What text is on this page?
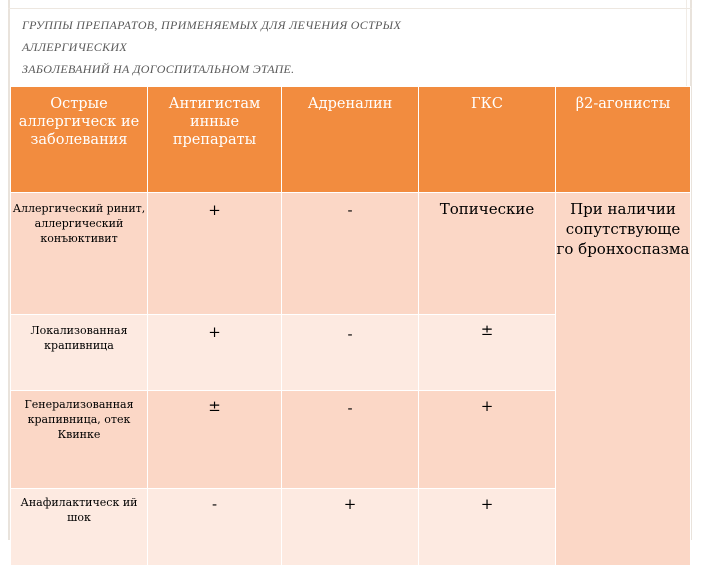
ГРУППЫ ПРЕПАРАТОВ, ПРИМЕНЯЕМЫХ ДЛЯ ЛЕЧЕНИЯ ОСТРЫХ
АЛЛЕРГИЧЕСКИХ
ЗАБОЛЕВАНИЙ НА ДОГОСПИТАЛЬНОМ ЭТАПЕ.
Острые аллергическ ие заболевания	Антигистам инные препараты	Адреналин	ГКС	β2-агонисты
Аллергический ринит, аллергический конъюктивит	+	-	Топические	При наличии сопутствующе го бронхоспазма
Локализованная крапивница	+	-	±	
Генерализованная крапивница, отек Квинке	±	-	+	
Анафилактическ ий шок	-	+	+	
